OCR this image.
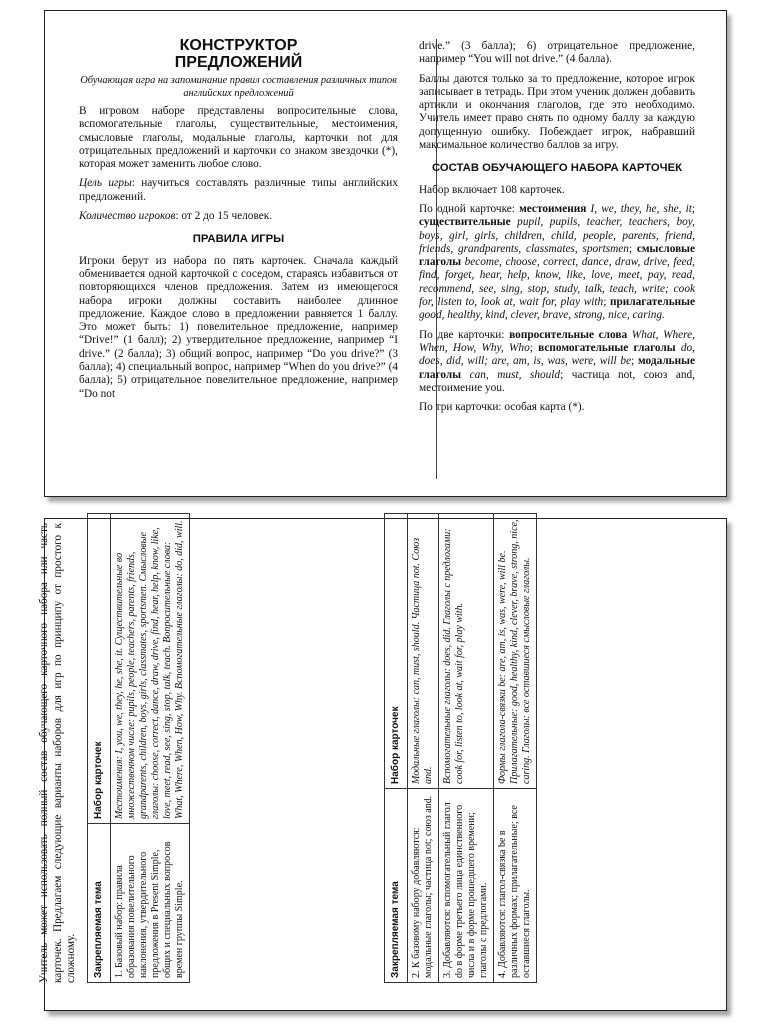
КОНСТРУКТОР
ПРЕДЛОЖЕНИЙ
Обучающая игра на запоминание правил составления различных типов английских предложений

В игровом наборе представлены вопросительные слова, вспомогательные глаголы, существительные, местоимения, смысловые глаголы, модальные глаголы, карточки not для отрицательных предложений и карточки со знаком звездочки (*), которая может заменить любое слово.

Цель игры: научиться составлять различные типы английских предложений.

Количество игроков: от 2 до 15 человек.

ПРАВИЛА ИГРЫ

Игроки берут из набора по пять карточек. Сначала каждый обменивается одной карточкой с соседом, стараясь избавиться от повторяющихся членов предложения. Затем из имеющегося набора игроки должны составить наиболее длинное предложение. Каждое слово в предложении равняется 1 баллу. Это может быть: 1) повелительное предложение, например “Drive!” (1 балл); 2) утвердительное предложение, например “I drive.” (2 балла); 3) общий вопрос, например “Do you drive?” (3 балла); 4) специальный вопрос, например “When do you drive?” (4 балла); 5) отрицательное повелительное предложение, например “Do not

drive.” (3 балла); 6) отрицательное предложение, например “You will not drive.” (4 балла).

Баллы даются только за то предложение, которое игрок записывает в тетрадь. При этом ученик должен добавить артикли и окончания глаголов, где это необходимо. Учитель имеет право снять по одному баллу за каждую допущенную ошибку. Побеждает игрок, набравший максимальное количество баллов за игру.

СОСТАВ ОБУЧАЮЩЕГО НАБОРА КАРТОЧЕК

Набор включает 108 карточек.

По одной карточке: местоимения I, we, they, he, she, it; существительные pupil, pupils, teacher, teachers, boy, boys, girl, girls, children, child, people, parents, friend, friends, grandparents, classmates, sportsmen; смысловые глаголы become, choose, correct, dance, draw, drive, feed, find, forget, hear, help, know, like, love, meet, pay, read, recommend, see, sing, stop, study, talk, teach, write; cook for, listen to, look at, wait for, play with; прилагательные good, healthy, kind, clever, brave, strong, nice, caring.

По две карточки: вопросительные слова What, Where, When, How, Why, Who; вспомогательные глаголы do, does, did, will; are, am, is, was, were, will be; модальные глаголы can, must, should; частица not, союз and, местоимение you.

По три карточки: особая карта (*).

Учитель может использовать полный состав обучающего карточного набора или часть карточек. Предлагаем следующие варианты наборов для игр по принципу от простого к сложному. Закрепляемая тема	Набор карточек
1. Базовый набор: правила образования повелительного наклонения, утвердительного предложения в Present Simple, общих и специальных вопросов времен группы Simple.	Местоимения: I, you, we, they, he, she, it. Существительные во множественном числе: pupils, people, teachers, parents, friends, grandparents, children, boys, girls, classmates, sportsmen. Смысловые глаголы: choose, correct, dance, draw, drive, find, hear, help, know, like, love, meet, read, see, sing, stop, talk, teach. Вопросительные слова: What, Where, When, How, Why. Вспомогательные глаголы: do, did, will.
Закрепляемая тема	Набор карточек
2. К базовому набору добавляются: модальные глаголы; частица not; союз and.	Модальные глаголы: can, must, should. Частица not. Союз and.
3. Добавляются: вспомогательный глагол do в форме третьего лица единственного числа и в форме прошедшего времени; глаголы с предлогами.	Вспомогательные глаголы: does, did. Глаголы с предлогами: cook for, listen to, look at, wait for, play with.
4. Добавляются: глагол-связка be в различных формах; прилагательные; все оставшиеся глаголы.	Формы глагола-связки be: are, am, is, was, were, will be. Прилагательные: good, healthy, kind, clever, brave, strong, nice, caring. Глаголы: все оставшиеся смысловые глаголы.
